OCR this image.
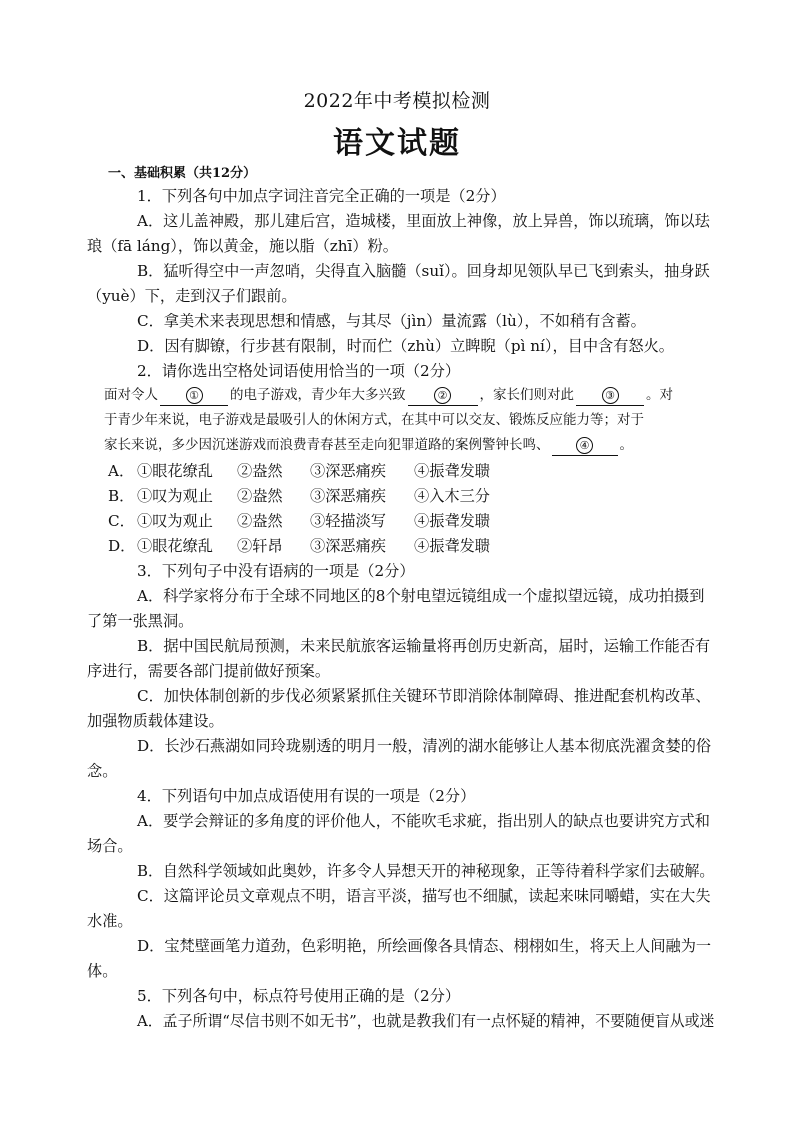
2022年中考模拟检测
语文试题
一、基础积累（共12分）
1．下列各句中加点字词注音完全正确的一项是（2分）
A．这儿盖神殿，那儿建后宫，造城楼，里面放上神像，放上异兽，饰以琉璃，饰以珐
琅（fā láng），饰以黄金，施以脂（zhī）粉。
B．猛听得空中一声忽哨，尖得直入脑髓（suǐ）。回身却见领队早已飞到索头，抽身跃
（yuè）下，走到汉子们跟前。
C．拿美术来表现思想和情感，与其尽（jìn）量流露（lù），不如稍有含蓄。
D．因有脚镣，行步甚有限制，时而伫（zhù）立睥睨（pì ní），目中含有怒火。
2．请你选出空格处词语使用恰当的一项（2分）
面对令人	① 的电子游戏，青少年大多兴致	② ，家长们则对此	③ 。对
于青少年来说，电子游戏是最吸引人的休闲方式，在其中可以交友、锻炼反应能力等；对于
家长来说，多少因沉迷游戏而浪费青春甚至走向犯罪道路的案例警钟长鸣、	④ 。
A． ①眼花缭乱 ②盎然 ③深恶痛疾 ④振聋发聩
B． ①叹为观止 ②盎然 ③深恶痛疾 ④入木三分
C． ①叹为观止 ②盎然 ③轻描淡写 ④振聋发聩
D． ①眼花缭乱 ②轩昂 ③深恶痛疾 ④振聋发聩
3．下列句子中没有语病的一项是（2分）
A．科学家将分布于全球不同地区的8个射电望远镜组成一个虚拟望远镜，成功拍摄到
了第一张黑洞。
B．据中国民航局预测，未来民航旅客运输量将再创历史新高，届时，运输工作能否有
序进行，需要各部门提前做好预案。
C．加快体制创新的步伐必须紧紧抓住关键环节即消除体制障碍、推进配套机构改革、
加强物质载体建设。
D．长沙石燕湖如同玲珑剔透的明月一般，清冽的湖水能够让人基本彻底洗濯贪婪的俗
念。
4．下列语句中加点成语使用有误的一项是（2分）
A．要学会辩证的多角度的评价他人，不能吹毛求疵，指出别人的缺点也要讲究方式和
场合。
B．自然科学领域如此奥妙，许多令人异想天开的神秘现象，正等待着科学家们去破解。
C．这篇评论员文章观点不明，语言平淡，描写也不细腻，读起来味同嚼蜡，实在大失
水准。
D．宝梵壁画笔力道劲，色彩明艳，所绘画像各具情态、栩栩如生，将天上人间融为一
体。
5．下列各句中，标点符号使用正确的是（2分）
A．孟子所谓“尽信书则不如无书”，也就是教我们有一点怀疑的精神，不要随便盲从或迷
